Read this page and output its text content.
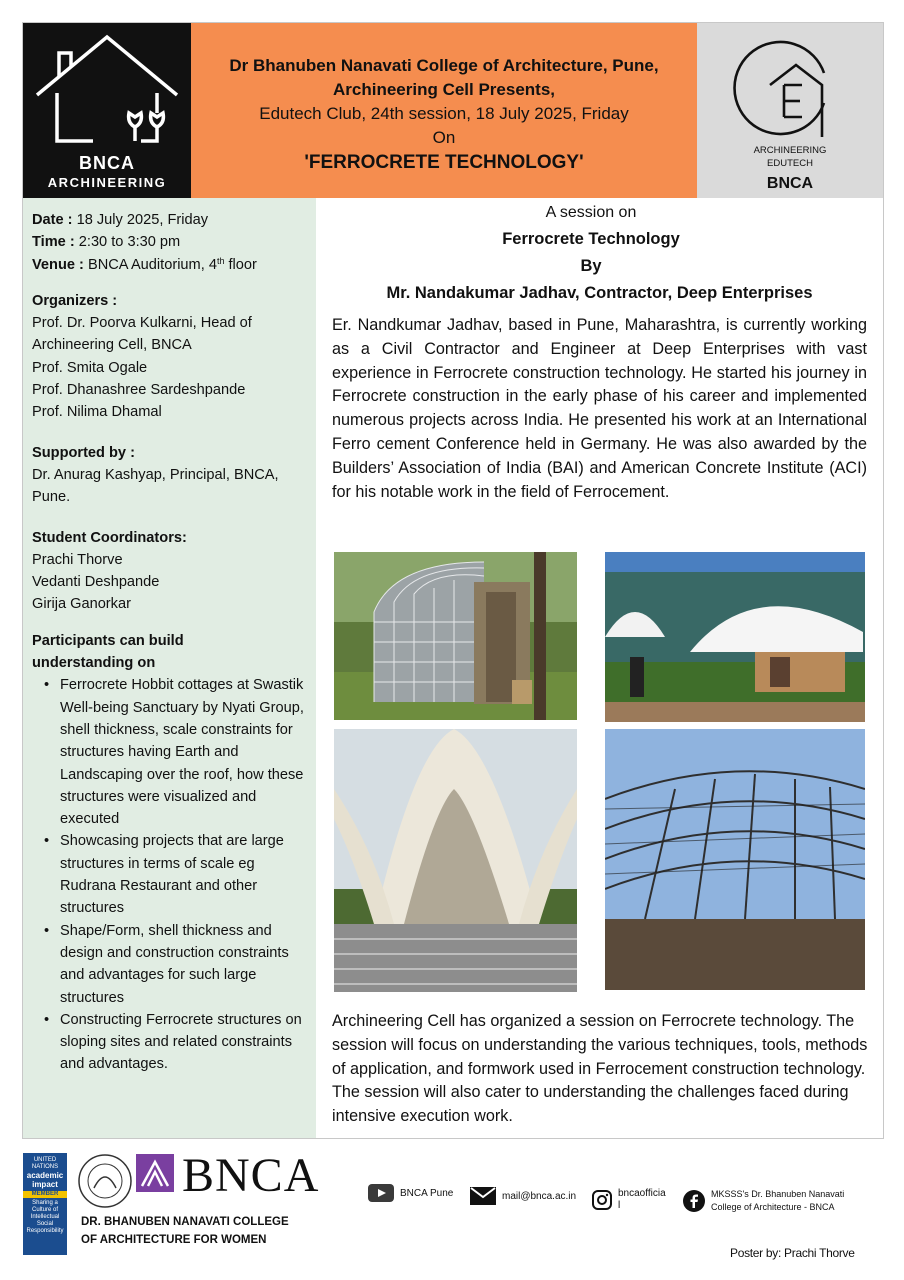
BNCA
ARCHINEERING
Dr Bhanuben Nanavati College of Architecture, Pune,
Archineering Cell Presents,
Edutech Club, 24th session, 18 July 2025, Friday
On
'FERROCRETE TECHNOLOGY'
ARCHINEERING
EDUTECH
BNCA
Date : 18 July 2025, Friday
Time : 2:30 to 3:30 pm
Venue : BNCA Auditorium, 4th floor
Organizers :
Prof. Dr. Poorva Kulkarni, Head of Archineering Cell, BNCA
Prof. Smita Ogale
Prof. Dhanashree Sardeshpande
Prof. Nilima Dhamal
Supported by :
Dr. Anurag Kashyap, Principal, BNCA, Pune.
Student Coordinators:
Prachi Thorve
Vedanti Deshpande
Girija Ganorkar
Participants can build understanding on
• Ferrocrete Hobbit cottages at Swastik Well-being Sanctuary by Nyati Group, shell thickness, scale constraints for structures having Earth and Landscaping over the roof, how these structures were visualized and executed
• Showcasing projects that are large structures in terms of scale eg Rudrana Restaurant and other structures
• Shape/Form, shell thickness and design and construction constraints and advantages for such large structures
• Constructing Ferrocrete structures on sloping sites and related constraints and advantages.
A session on
Ferrocrete Technology
By
Mr. Nandakumar Jadhav, Contractor, Deep Enterprises
Er. Nandkumar Jadhav, based in Pune, Maharashtra, is currently working as a Civil Contractor and Engineer at Deep Enterprises with vast experience in Ferrocrete construction technology. He started his journey in Ferrocrete construction in the early phase of his career and implemented numerous projects across India. He presented his work at an International Ferro cement Conference held in Germany. He was also awarded by the Builders’ Association of India (BAI) and American Concrete Institute (ACI) for his notable work in the field of Ferrocement.
Archineering Cell has organized a session on Ferrocrete technology. The session will focus on understanding the various techniques, tools, methods of application, and formwork used in Ferrocement construction technology. The session will also cater to understanding the challenges faced during intensive execution work.
UNITED NATIONS
academic impact
MEMBER
Sharing a Culture of Intellectual Social Responsibility
BNCA
DR. BHANUBEN NANAVATI COLLEGE
OF ARCHITECTURE FOR WOMEN
BNCA Pune	mail@bnca.ac.in	bncaofficia
l
MKSSS's Dr. Bhanuben Nanavati
College of Architecture - BNCA
Poster by: Prachi Thorve
